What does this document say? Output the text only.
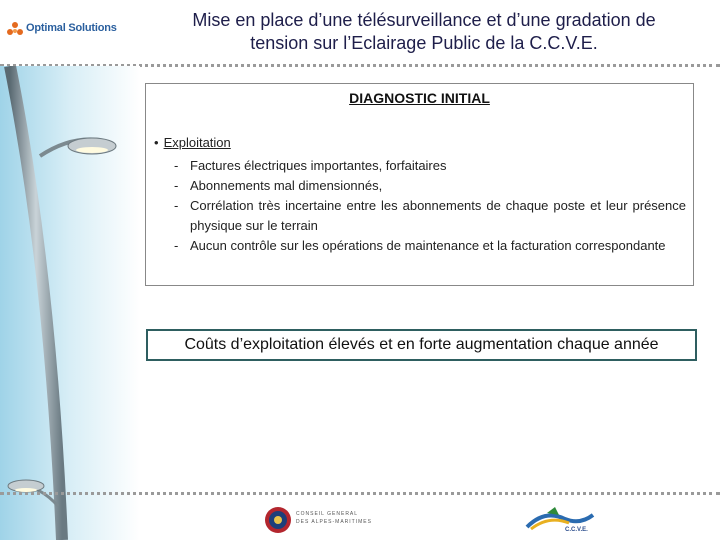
Optimal Solutions	Mise en place d’une télésurveillance et d’une gradation de
tension sur l’Eclairage Public de la C.C.V.E.
DIAGNOSTIC INITIAL
• Exploitation
- Factures électriques importantes, forfaitaires
- Abonnements mal dimensionnés,
- Corrélation très incertaine entre les abonnements de chaque poste et leur présence physique sur le terrain
- Aucun contrôle sur les opérations de maintenance et la facturation correspondante
Coûts d’exploitation élevés et en forte augmentation chaque année
CONSEIL GENERAL
DES ALPES-MARITIMES
C.C.V.E.
